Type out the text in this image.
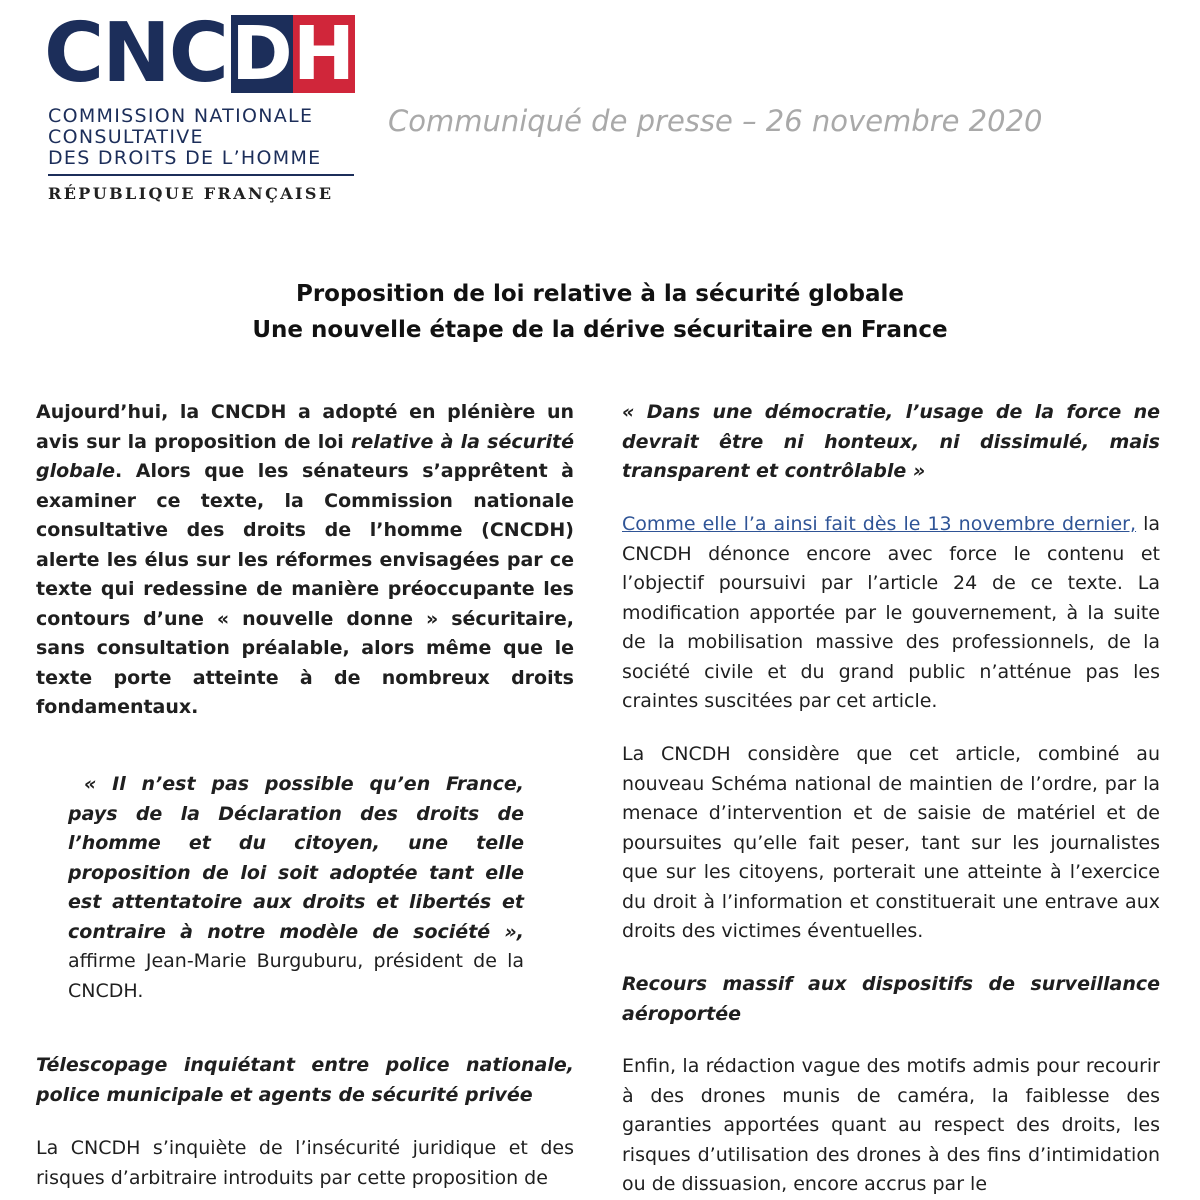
CNC D H
COMMISSION NATIONALE
CONSULTATIVE
DES DROITS DE L’HOMME
RÉPUBLIQUE FRANÇAISE
Communiqué de presse – 26 novembre 2020
Proposition de loi relative à la sécurité globale
Une nouvelle étape de la dérive sécuritaire en France
Aujourd’hui, la CNCDH a adopté en plénière un avis sur la proposition de loi relative à la sécurité globale. Alors que les sénateurs s’apprêtent à examiner ce texte, la Commission nationale consultative des droits de l’homme (CNCDH) alerte les élus sur les réformes envisagées par ce texte qui redessine de manière préoccupante les contours d’une « nouvelle donne » sécuritaire, sans consultation préalable, alors même que le texte porte atteinte à de nombreux droits fondamentaux.
« Il n’est pas possible qu’en France, pays de la Déclaration des droits de l’homme et du citoyen, une telle proposition de loi soit adoptée tant elle est attentatoire aux droits et libertés et contraire à notre modèle de société », affirme Jean-Marie Burguburu, président de la CNCDH.
Télescopage inquiétant entre police nationale, police municipale et agents de sécurité privée
La CNCDH s’inquiète de l’insécurité juridique et des risques d’arbitraire introduits par cette proposition de
« Dans une démocratie, l’usage de la force ne devrait être ni honteux, ni dissimulé, mais transparent et contrôlable »
Comme elle l’a ainsi fait dès le 13 novembre dernier, la CNCDH dénonce encore avec force le contenu et l’objectif poursuivi par l’article 24 de ce texte. La modification apportée par le gouvernement, à la suite de la mobilisation massive des professionnels, de la société civile et du grand public n’atténue pas les craintes suscitées par cet article.
La CNCDH considère que cet article, combiné au nouveau Schéma national de maintien de l’ordre, par la menace d’intervention et de saisie de matériel et de poursuites qu’elle fait peser, tant sur les journalistes que sur les citoyens, porterait une atteinte à l’exercice du droit à l’information et constituerait une entrave aux droits des victimes éventuelles.
Recours massif aux dispositifs de surveillance aéroportée
Enfin, la rédaction vague des motifs admis pour recourir à des drones munis de caméra, la faiblesse des garanties apportées quant au respect des droits, les risques d’utilisation des drones à des fins d’intimidation ou de dissuasion, encore accrus par le
